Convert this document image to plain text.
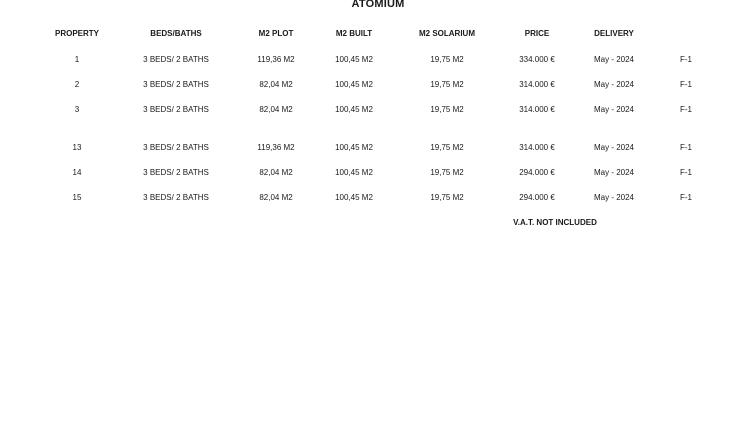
ATOMIUM
PROPERTY	BEDS/BATHS	M2 PLOT	M2 BUILT	M2 SOLARIUM	PRICE	DELIVERY
1	3 BEDS/ 2 BATHS	119,36 M2	100,45 M2	19,75 M2	334.000 €	May - 2024	F-1
2	3 BEDS/ 2 BATHS	82,04 M2	100,45 M2	19,75 M2	314.000 €	May - 2024	F-1
3	3 BEDS/ 2 BATHS	82,04 M2	100,45 M2	19,75 M2	314.000 €	May - 2024	F-1
13	3 BEDS/ 2 BATHS	119,36 M2	100,45 M2	19,75 M2	314.000 €	May - 2024	F-1
14	3 BEDS/ 2 BATHS	82,04 M2	100,45 M2	19,75 M2	294.000 €	May - 2024	F-1
15	3 BEDS/ 2 BATHS	82,04 M2	100,45 M2	19,75 M2	294.000 €	May - 2024	F-1
V.A.T. NOT INCLUDED
